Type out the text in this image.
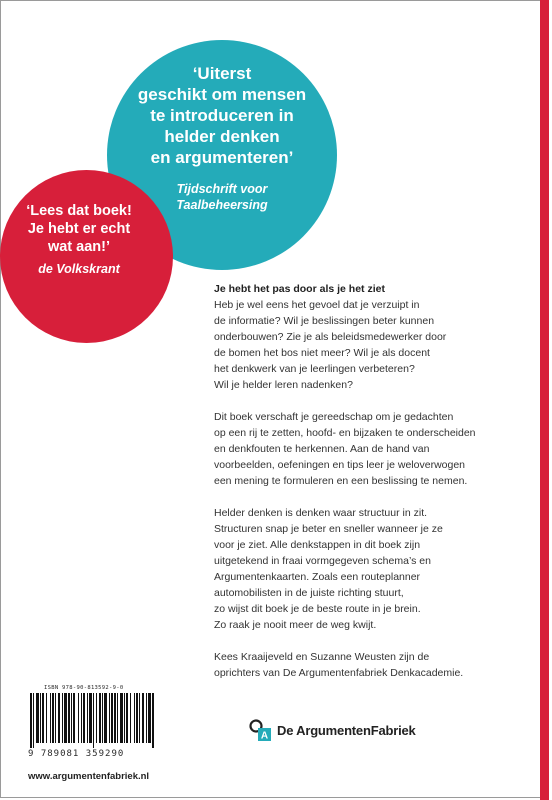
‘Uiterst
geschikt om mensen
te introduceren in
helder denken
en argumenteren’
Tijdschrift voor
Taalbeheersing
‘Lees dat boek!
Je hebt er echt
wat aan!’
de Volkskrant
Je hebt het pas door als je het ziet

Heb je wel eens het gevoel dat je verzuipt in
de informatie? Wil je beslissingen beter kunnen
onderbouwen? Zie je als beleidsmedewerker door
de bomen het bos niet meer? Wil je als docent
het denkwerk van je leerlingen verbeteren?
Wil je helder leren nadenken?

Dit boek verschaft je gereedschap om je gedachten
op een rij te zetten, hoofd- en bijzaken te onderscheiden
en denkfouten te herkennen. Aan de hand van
voorbeelden, oefeningen en tips leer je weloverwogen
een mening te formuleren en een beslissing te nemen.

Helder denken is denken waar structuur in zit.
Structuren snap je beter en sneller wanneer je ze
voor je ziet. Alle denkstappen in dit boek zijn
uitgetekend in fraai vormgegeven schema’s en
Argumentenkaarten. Zoals een routeplanner
automobilisten in de juiste richting stuurt,
zo wijst dit boek je de beste route in je brein.
Zo raak je nooit meer de weg kwijt.

Kees Kraaijeveld en Suzanne Weusten zijn de
oprichters van De Argumentenfabriek Denkacademie.

ISBN 978-90-813592-9-0
9 789081 359290
www.argumentenfabriek.nl
A De ArgumentenFabriek
